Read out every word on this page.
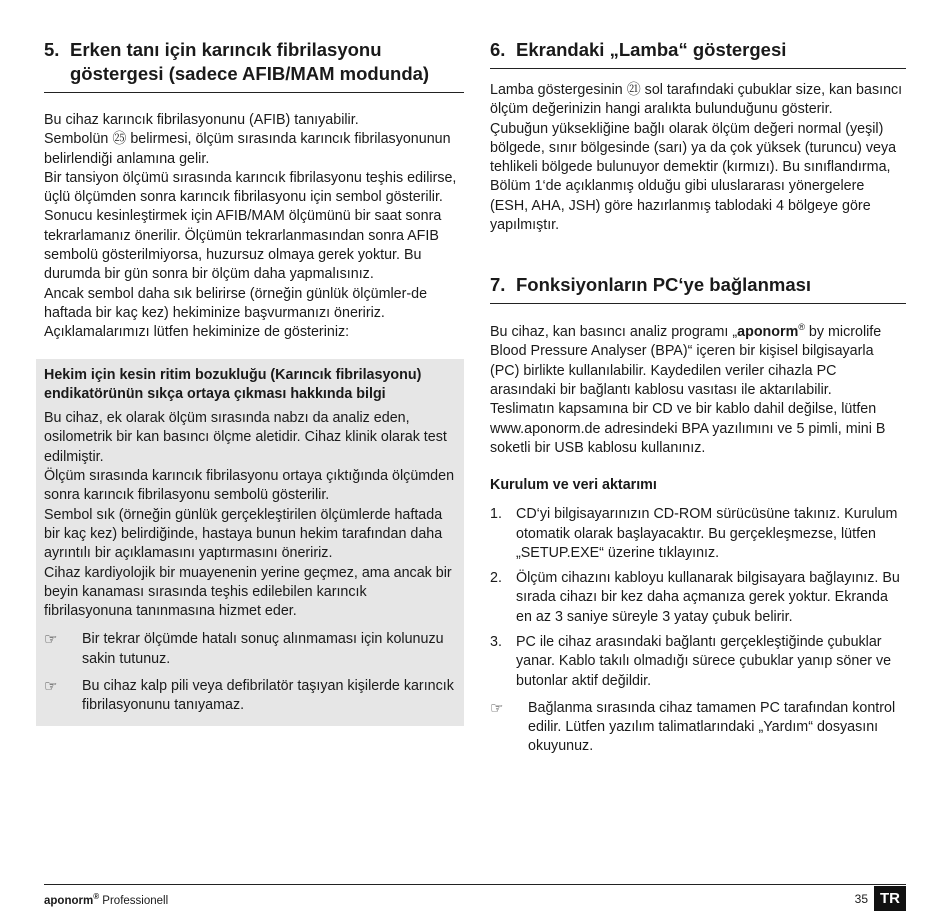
5. Erken tanı için karıncık fibrilasyonu göstergesi (sadece AFIB/MAM modunda)

Bu cihaz karıncık fibrilasyonunu (AFIB) tanıyabilir.

Sembolün ㉕ belirmesi, ölçüm sırasında karıncık fibrilasyonunun belirlendiği anlamına gelir.

Bir tansiyon ölçümü sırasında karıncık fibrilasyonu teşhis edilirse, üçlü ölçümden sonra karıncık fibrilasyonu için sembol gösterilir.

Sonucu kesinleştirmek için AFIB/MAM ölçümünü bir saat sonra tekrarlamanız önerilir. Ölçümün tekrarlanmasından sonra AFIB sembolü gösterilmiyorsa, huzursuz olmaya gerek yoktur. Bu durumda bir gün sonra bir ölçüm daha yapmalısınız.

Ancak sembol daha sık belirirse (örneğin günlük ölçümler-de haftada bir kaç kez) hekiminize başvurmanızı öneririz. Açıklamalarımızı lütfen hekiminize de gösteriniz:

Hekim için kesin ritim bozukluğu (Karıncık fibrilasyonu) endikatörünün sıkça ortaya çıkması hakkında bilgi

Bu cihaz, ek olarak ölçüm sırasında nabzı da analiz eden, osilometrik bir kan basıncı ölçme aletidir. Cihaz klinik olarak test edilmiştir.

Ölçüm sırasında karıncık fibrilasyonu ortaya çıktığında ölçümden sonra karıncık fibrilasyonu sembolü gösterilir.

Sembol sık (örneğin günlük gerçekleştirilen ölçümlerde haftada bir kaç kez) belirdiğinde, hastaya bunun hekim tarafından daha ayrıntılı bir açıklamasını yaptırmasını öneririz.

Cihaz kardiyolojik bir muayenenin yerine geçmez, ama ancak bir beyin kanaması sırasında teşhis edilebilen karıncık fibrilasyonuna tanınmasına hizmet eder.

☞	Bir tekrar ölçümde hatalı sonuç alınmaması için kolunuzu sakin tutunuz.
☞	Bu cihaz kalp pili veya defibrilatör taşıyan kişilerde karıncık fibrilasyonunu tanıyamaz.
6. Ekrandaki „Lamba“ göstergesi

Lamba göstergesinin ㉑ sol tarafındaki çubuklar size, kan basıncı ölçüm değerinizin hangi aralıkta bulunduğunu gösterir.

Çubuğun yüksekliğine bağlı olarak ölçüm değeri normal (yeşil) bölgede, sınır bölgesinde (sarı) ya da çok yüksek (turuncu) veya tehlikeli bölgede bulunuyor demektir (kırmızı). Bu sınıflandırma, Bölüm 1‘de açıklanmış olduğu gibi uluslararası yönergelere (ESH, AHA, JSH) göre hazırlanmış tablodaki 4 bölgeye göre yapılmıştır.

7. Fonksiyonların PC‘ye bağlanması

Bu cihaz, kan basıncı analiz programı „aponorm® by microlife Blood Pressure Analyser (BPA)“ içeren bir kişisel bilgisayarla (PC) birlikte kullanılabilir. Kaydedilen veriler cihazla PC arasındaki bir bağlantı kablosu vasıtası ile aktarılabilir.

Teslimatın kapsamına bir CD ve bir kablo dahil değilse, lütfen www.aponorm.de adresindeki BPA yazılımını ve 5 pimli, mini B soketli bir USB kablosu kullanınız.

Kurulum ve veri aktarımı
1. CD‘yi bilgisayarınızın CD-ROM sürücüsüne takınız. Kurulum otomatik olarak başlayacaktır. Bu gerçekleşmezse, lütfen „SETUP.EXE“ üzerine tıklayınız.
2. Ölçüm cihazını kabloyu kullanarak bilgisayara bağlayınız. Bu sırada cihazı bir kez daha açmanıza gerek yoktur. Ekranda en az 3 saniye süreyle 3 yatay çubuk belirir.
3. PC ile cihaz arasındaki bağlantı gerçekleştiğinde çubuklar yanar. Kablo takılı olmadığı sürece çubuklar yanıp söner ve butonlar aktif değildir.
☞	Bağlanma sırasında cihaz tamamen PC tarafından kontrol edilir. Lütfen yazılım talimatlarındaki „Yardım“ dosyasını okuyunuz.
aponorm® Professionell	35 TR
